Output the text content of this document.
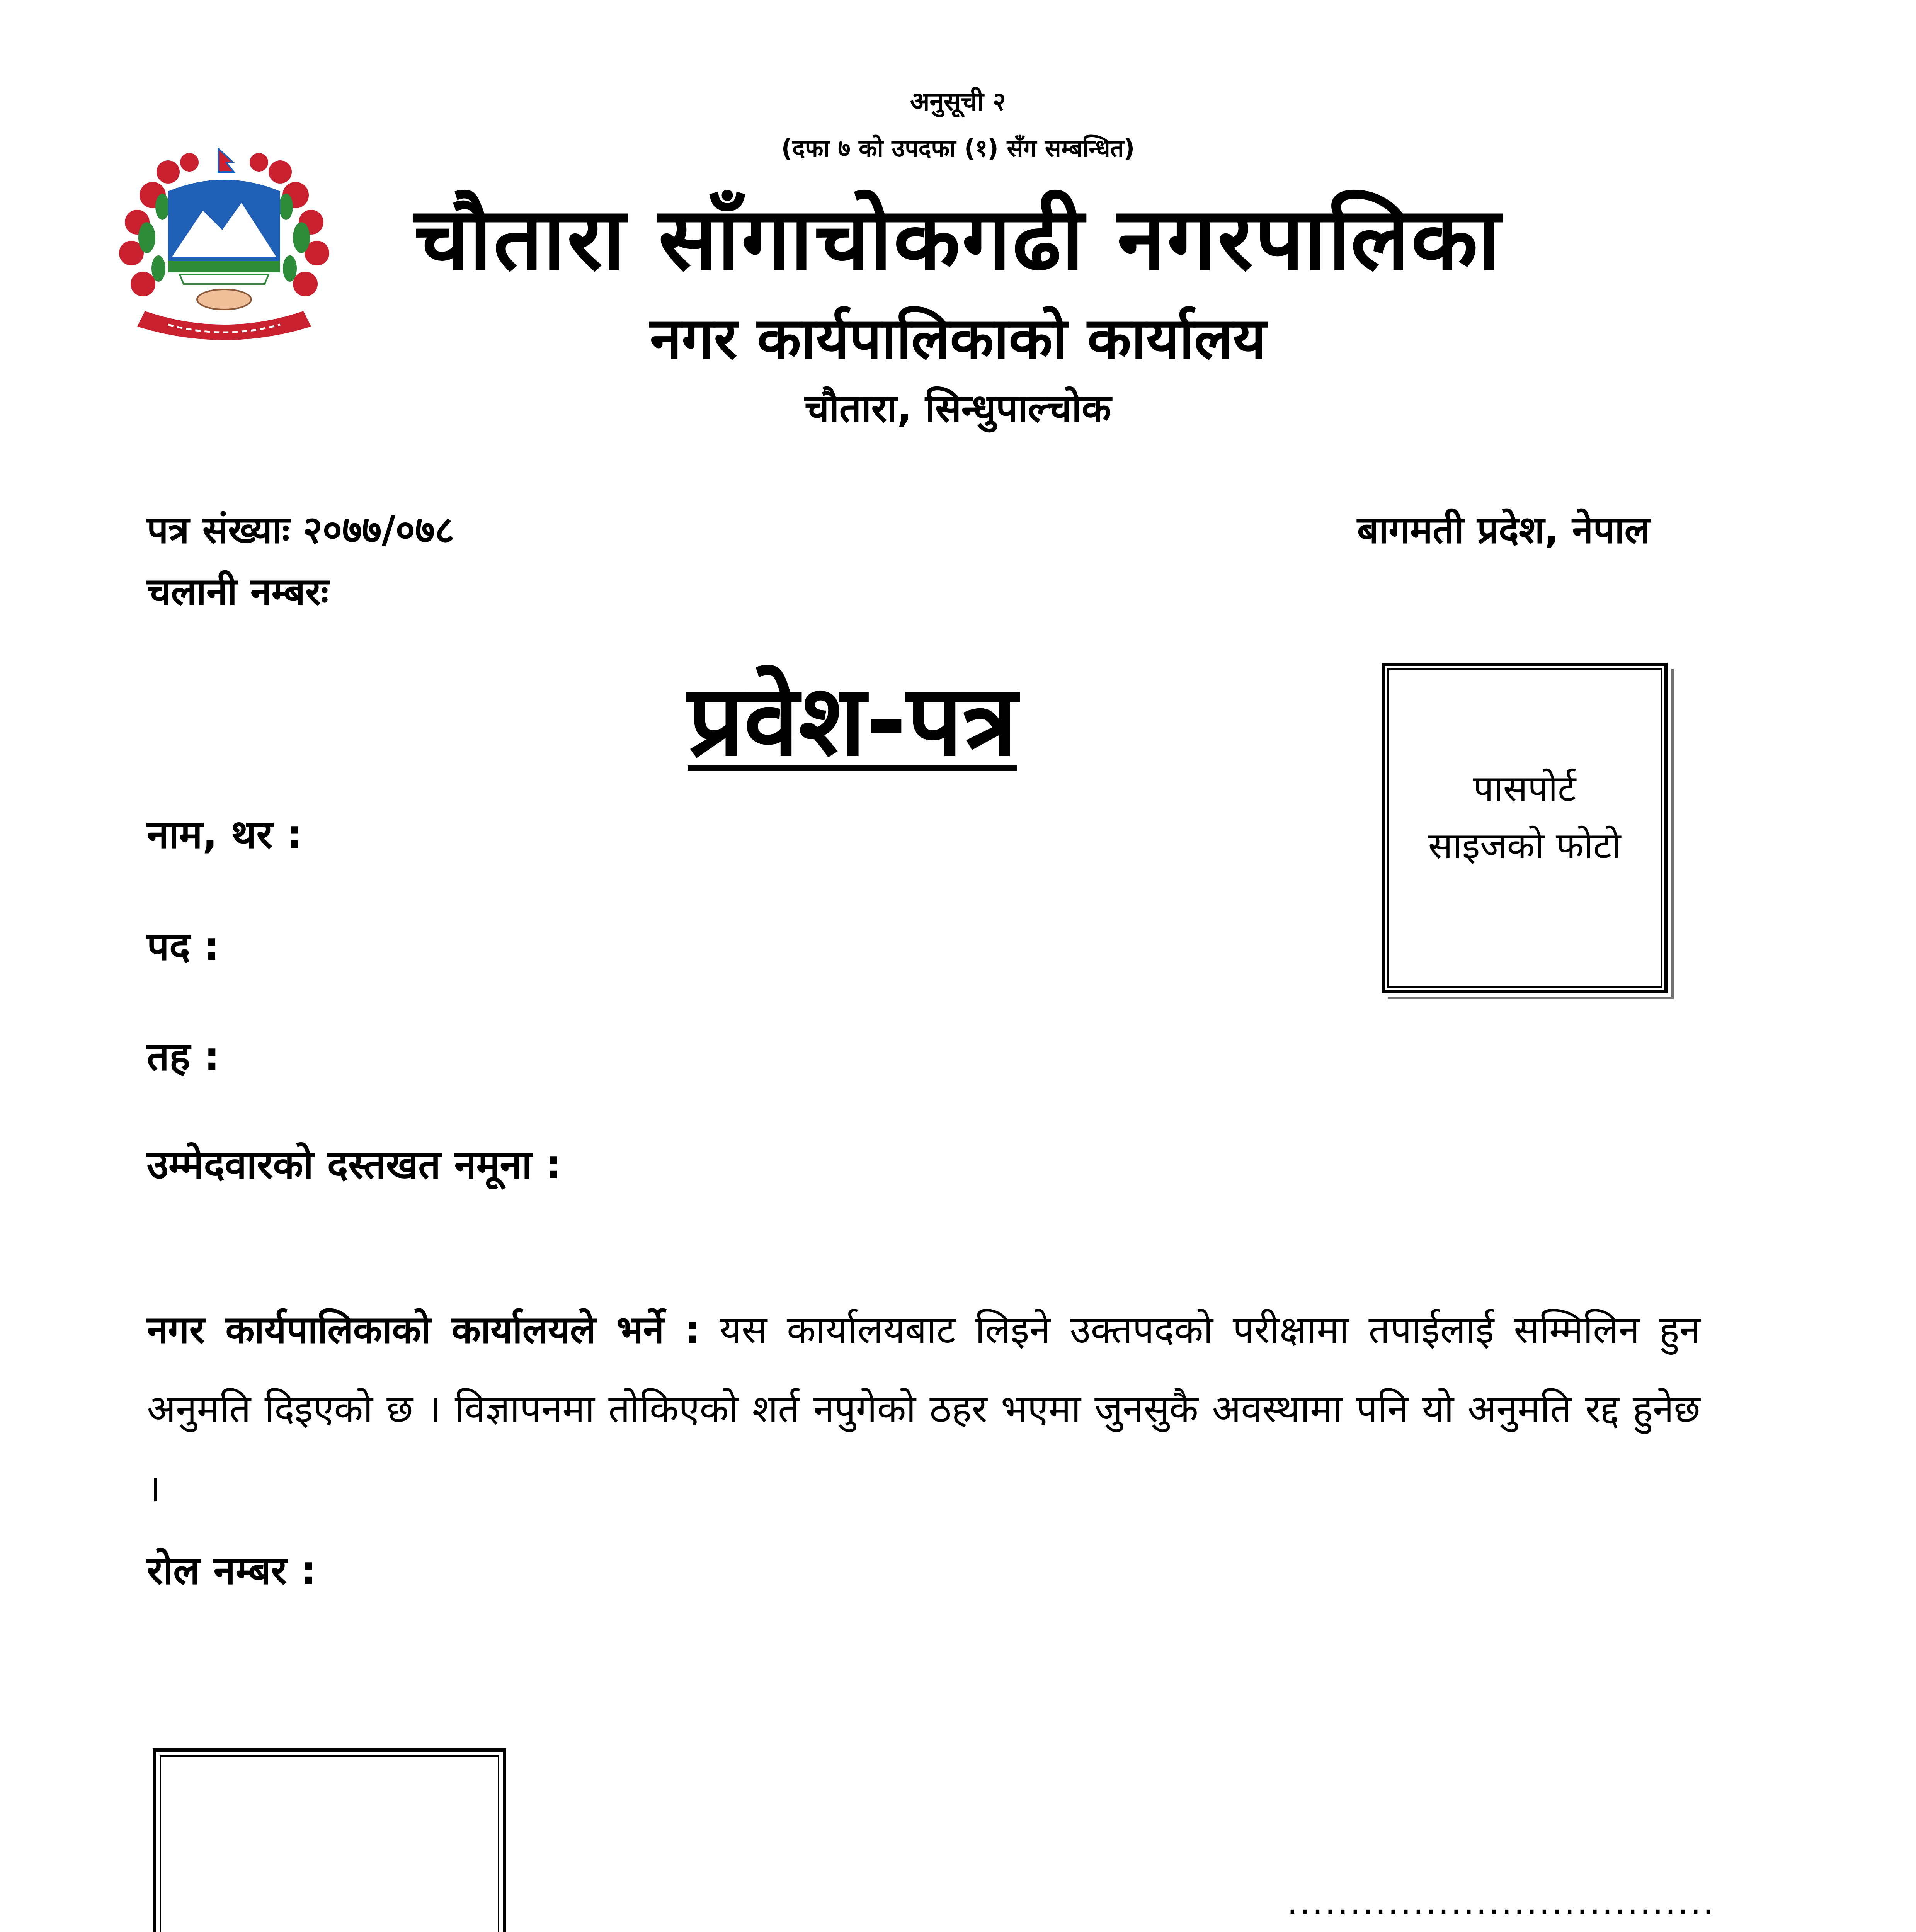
अनुसूची २
(दफा ७ को उपदफा (१) सँग सम्बन्धित)
चौतारा साँगाचोकगढी नगरपालिका
नगर कार्यपालिकाको कार्यालय
चौतारा, सिन्धुपाल्चोक
पत्र संख्याः २०७७/०७८
चलानी नम्बरः
बागमती प्रदेश, नेपाल
प्रवेश-पत्र
पासपोर्ट
साइजको फोटो
नाम, थर :
पद :
तह :
उम्मेदवारको दस्तखत नमूना :
नगर कार्यपालिकाको कार्यालयले भर्ने : यस कार्यालयबाट लिइने उक्तपदको परीक्षामा तपाईलाई सम्मिलिन हुन अनुमति दिइएको छ । विज्ञापनमा तोकिएको शर्त नपुगेको ठहर भएमा जुनसुकै अवस्थामा पनि यो अनुमति रद्द हुनेछ ।
रोल नम्बर :
..................................
